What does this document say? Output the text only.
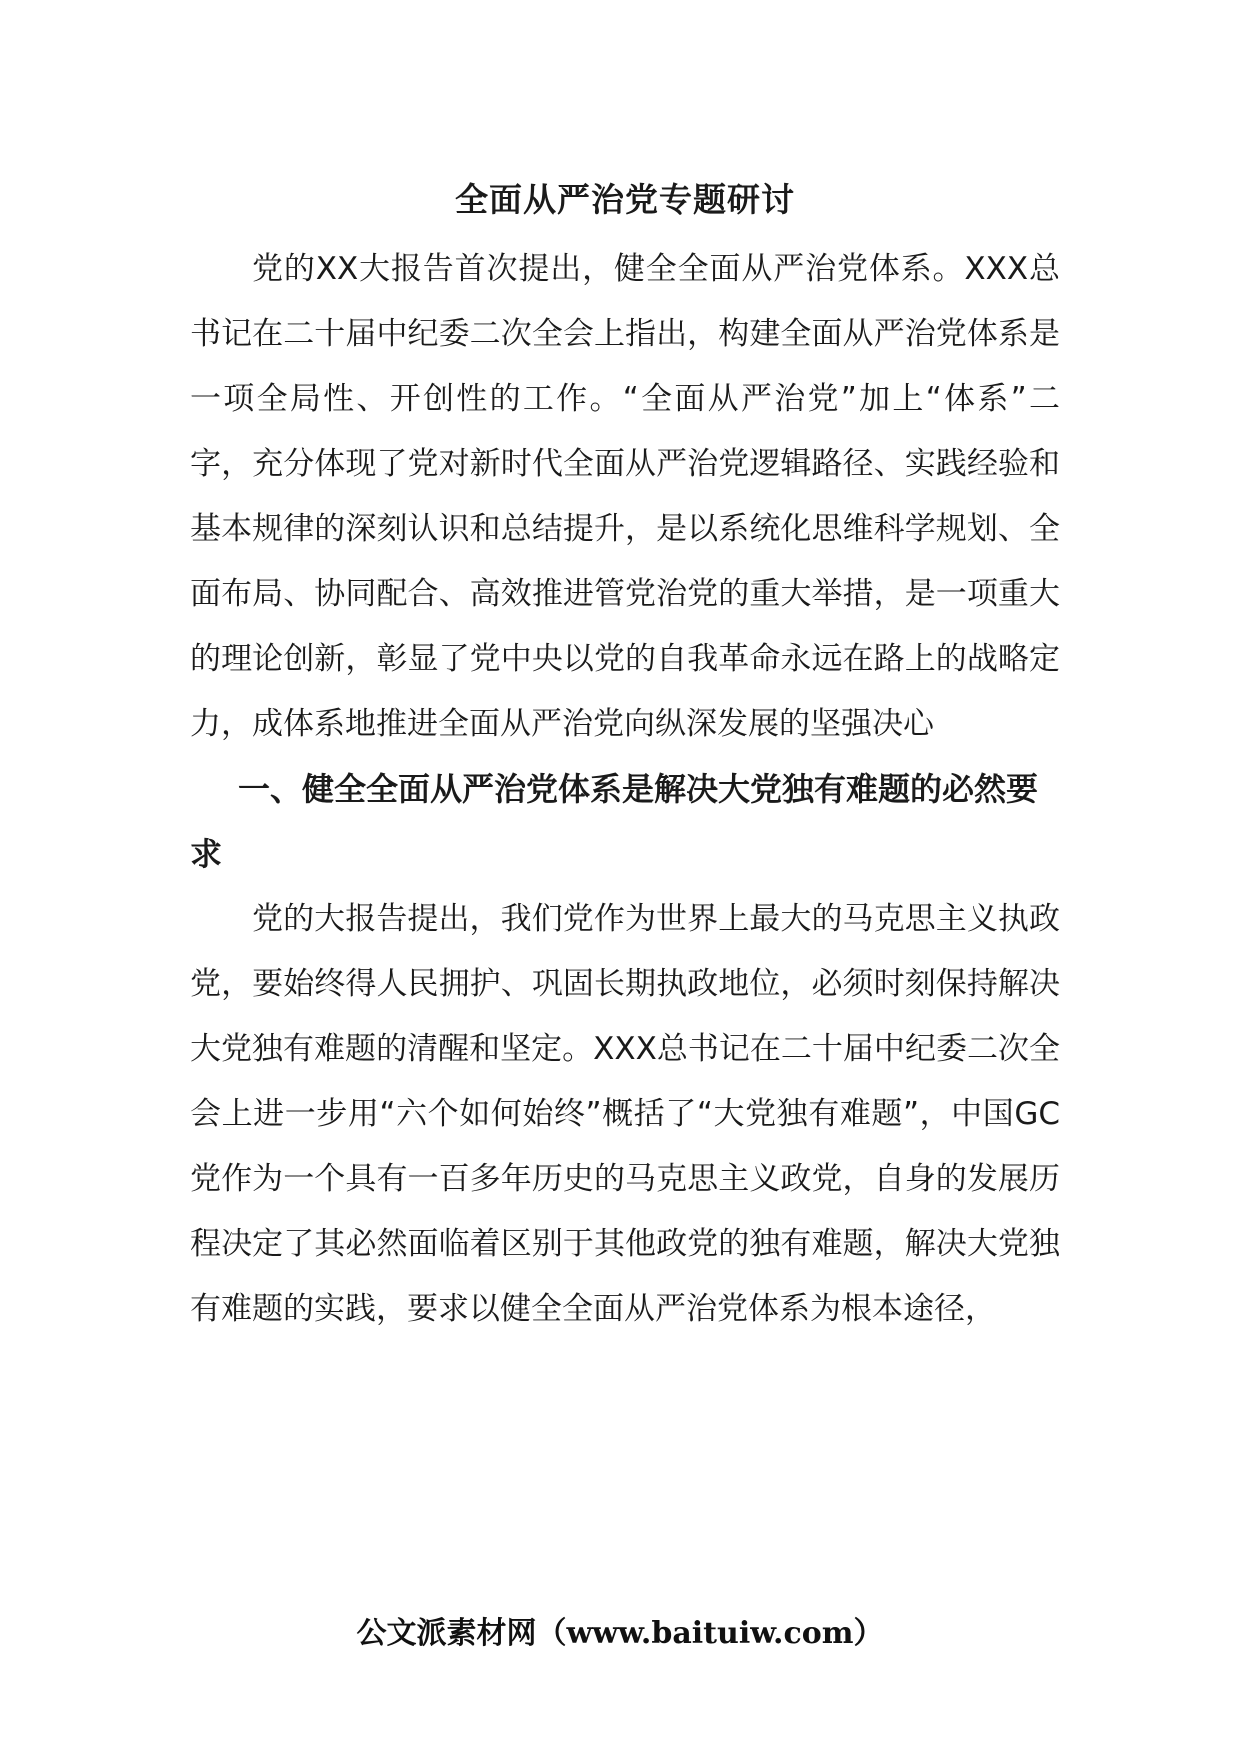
全面从严治党专题研讨

党的XX大报告首次提出，健全全面从严治党体系。XXX总书记在二十届中纪委二次全会上指出，构建全面从严治党体系是一项全局性、开创性的工作。“全面从严治党”加上“体系”二字，充分体现了党对新时代全面从严治党逻辑路径、实践经验和基本规律的深刻认识和总结提升，是以系统化思维科学规划、全面布局、协同配合、高效推进管党治党的重大举措，是一项重大的理论创新，彰显了党中央以党的自我革命永远在路上的战略定力，成体系地推进全面从严治党向纵深发展的坚强决心

一、健全全面从严治党体系是解决大党独有难题的必然要求

党的大报告提出，我们党作为世界上最大的马克思主义执政党，要始终得人民拥护、巩固长期执政地位，必须时刻保持解决大党独有难题的清醒和坚定。XXX总书记在二十届中纪委二次全会上进一步用“六个如何始终”概括了“大党独有难题”，中国GC党作为一个具有一百多年历史的马克思主义政党，自身的发展历程决定了其必然面临着区别于其他政党的独有难题，解决大党独有难题的实践，要求以健全全面从严治党体系为根本途径，

公文派素材网（www.baituiw.com）
